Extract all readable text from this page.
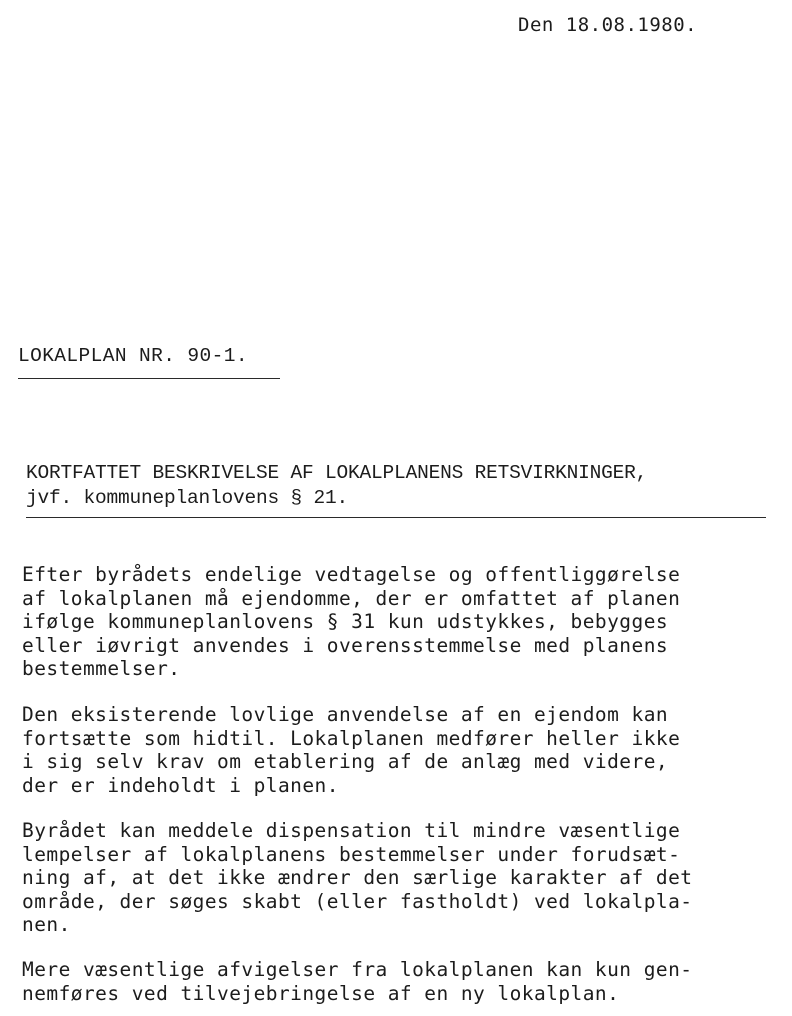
Den 18.08.1980.
LOKALPLAN NR. 90-1.
KORTFATTET BESKRIVELSE AF LOKALPLANENS RETSVIRKNINGER,
jvf. kommuneplanlovens § 21.
Efter byrådets endelige vedtagelse og offentliggørelse
af lokalplanen må ejendomme, der er omfattet af planen
ifølge kommuneplanlovens § 31 kun udstykkes, bebygges
eller iøvrigt anvendes i overensstemmelse med planens
bestemmelser.
Den eksisterende lovlige anvendelse af en ejendom kan
fortsætte som hidtil. Lokalplanen medfører heller ikke
i sig selv krav om etablering af de anlæg med videre,
der er indeholdt i planen.
Byrådet kan meddele dispensation til mindre væsentlige
lempelser af lokalplanens bestemmelser under forudsæt-
ning af, at det ikke ændrer den særlige karakter af det
område, der søges skabt (eller fastholdt) ved lokalpla-
nen.
Mere væsentlige afvigelser fra lokalplanen kan kun gen-
nemføres ved tilvejebringelse af en ny lokalplan.
